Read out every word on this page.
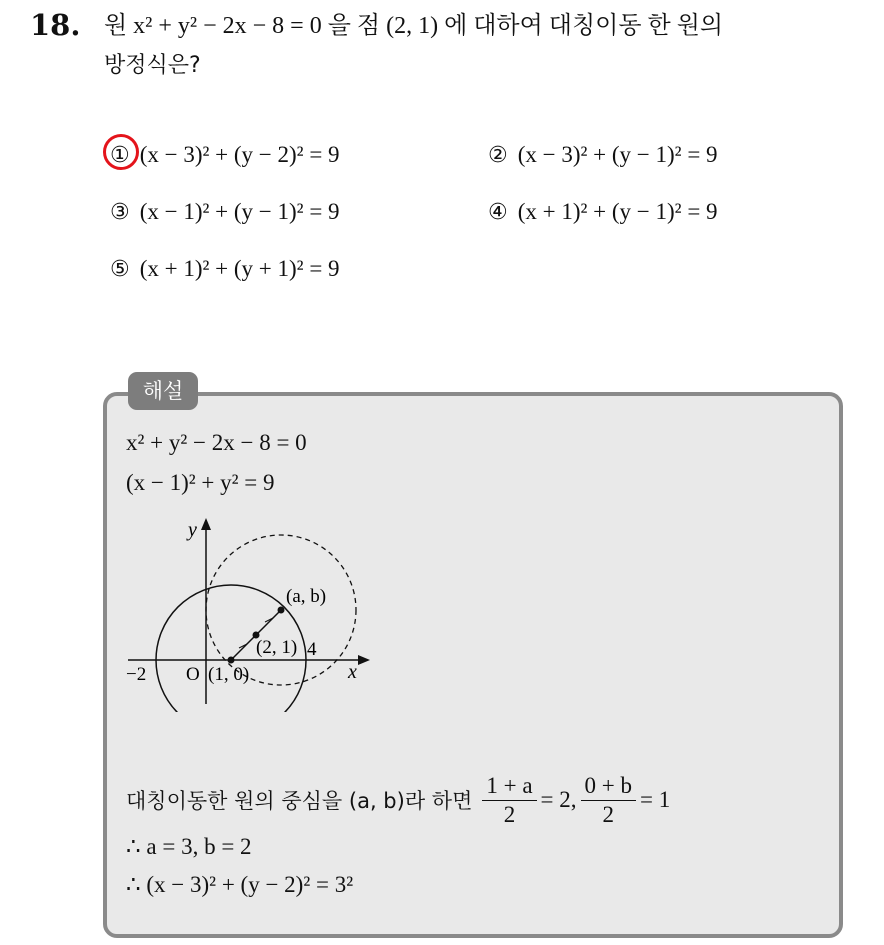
18. 원 x² + y² − 2x − 8 = 0 을 점 (2, 1) 에 대하여 대칭이동 한 원의
방정식은?
① (x − 3)² + (y − 2)² = 9	② (x − 3)² + (y − 1)² = 9
③ (x − 1)² + (y − 1)² = 9	④ (x + 1)² + (y − 1)² = 9
⑤ (x + 1)² + (y + 1)² = 9
해설
x² + y² − 2x − 8 = 0
(x − 1)² + y² = 9
y
x
O
−2
4
(1, 0)
(2, 1)
(a, b)
대칭이동한 원의 중심을 (a, b)라 하면 $\frac{1 + a}{2} = 2$, $\frac{0 + b}{2} = 1$
∴ a = 3, b = 2
∴ (x − 3)² + (y − 2)² = 3²
